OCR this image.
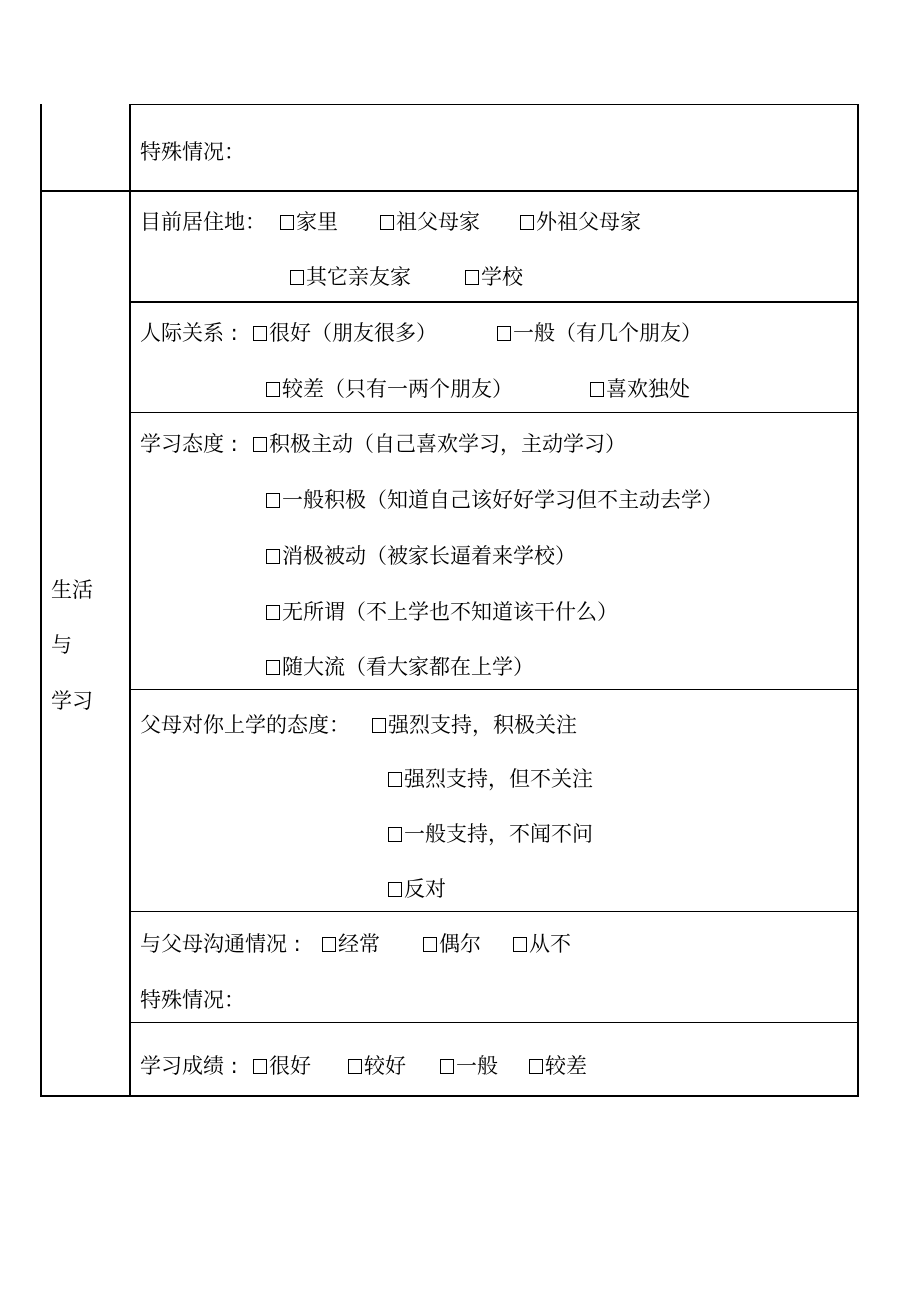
特殊情况：
生活
与
学习
目前居住地： 家里	祖父母家	外祖父母家
其它亲友家	学校
人际关系 : 很好（朋友很多）	一般（有几个朋友）
较差（只有一两个朋友）	喜欢独处
学习态度 : 积极主动（自己喜欢学习，主动学习）
一般积极（知道自己该好好学习但不主动去学）
消极被动（被家长逼着来学校）
无所谓（不上学也不知道该干什么）
随大流（看大家都在上学）
父母对你上学的态度： 强烈支持，积极关注
强烈支持，但不关注
一般支持，不闻不问
反对
与父母沟通情况 : 经常	偶尔 从不
特殊情况：
学习成绩 : 很好	较好 一般 较差
